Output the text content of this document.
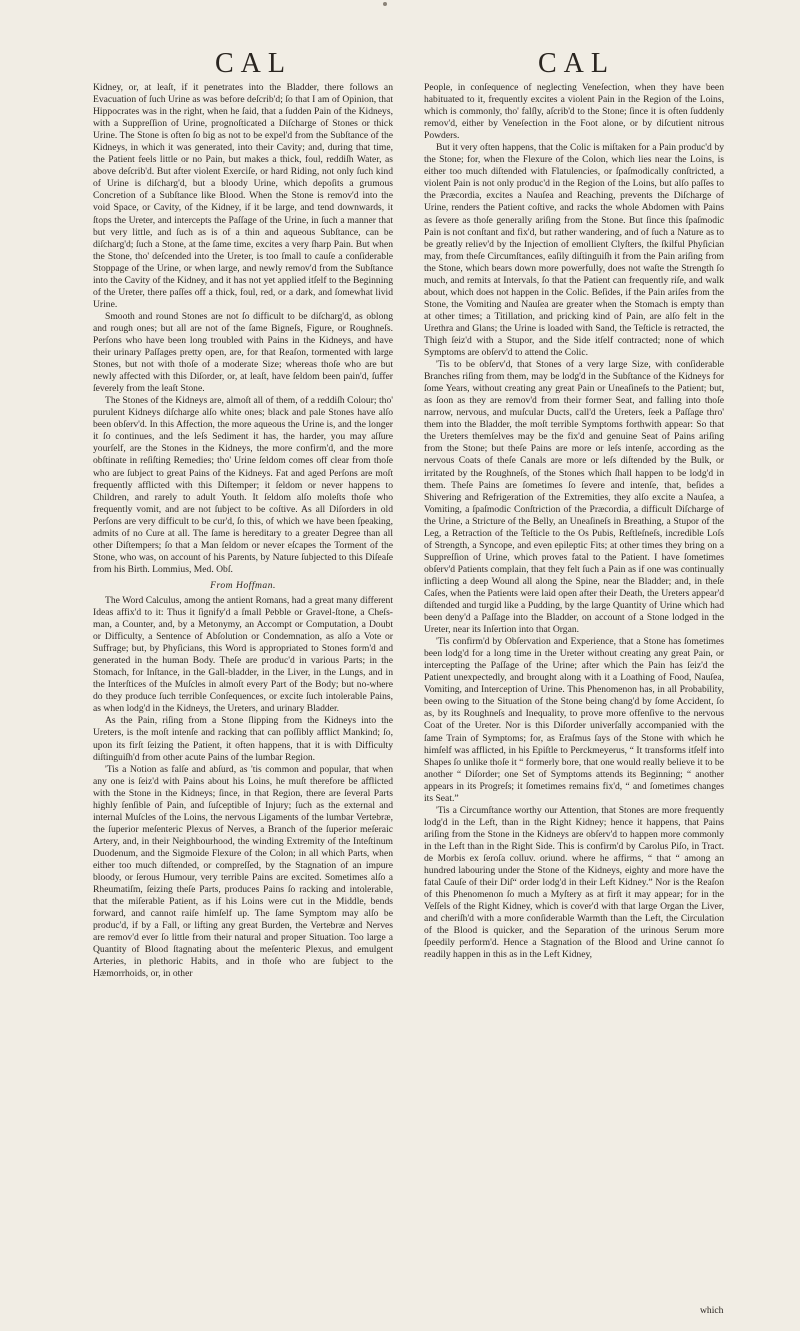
CAL	CAL

Kidney, or, at leaſt, if it penetrates into the Bladder, there follows an Evacuation of ſuch Urine as was before deſcrib'd; ſo that I am of Opinion, that Hippocrates was in the right, when he ſaid, that a ſudden Pain of the Kidneys, with a Suppreſſion of Urine, prognoſticated a Diſcharge of Stones or thick Urine. The Stone is often ſo big as not to be expel'd from the Subſtance of the Kidneys, in which it was generated, into their Cavity; and, during that time, the Patient feels little or no Pain, but makes a thick, foul, reddiſh Water, as above deſcrib'd. But after violent Exerciſe, or hard Riding, not only ſuch kind of Urine is diſcharg'd, but a bloody Urine, which depoſits a grumous Concretion of a Subſtance like Blood. When the Stone is remov'd into the void Space, or Cavity, of the Kidney, if it be large, and tend downwards, it ſtops the Ureter, and intercepts the Paſſage of the Urine, in ſuch a manner that but very little, and ſuch as is of a thin and aqueous Subſtance, can be diſcharg'd; ſuch a Stone, at the ſame time, excites a very ſharp Pain. But when the Stone, tho' deſcended into the Ureter, is too ſmall to cauſe a conſiderable Stoppage of the Urine, or when large, and newly remov'd from the Subſtance into the Cavity of the Kidney, and it has not yet applied itſelf to the Beginning of the Ureter, there paſſes off a thick, foul, red, or a dark, and ſomewhat livid Urine.

Smooth and round Stones are not ſo difficult to be diſcharg'd, as oblong and rough ones; but all are not of the ſame Bigneſs, Figure, or Roughneſs. Perſons who have been long troubled with Pains in the Kidneys, and have their urinary Paſſages pretty open, are, for that Reaſon, tormented with large Stones, but not with thoſe of a moderate Size; whereas thoſe who are but newly affected with this Diſorder, or, at leaſt, have ſeldom been pain'd, ſuffer ſeverely from the leaſt Stone.

The Stones of the Kidneys are, almoſt all of them, of a reddiſh Colour; tho' purulent Kidneys diſcharge alſo white ones; black and pale Stones have alſo been obſerv'd. In this Affection, the more aqueous the Urine is, and the longer it ſo continues, and the leſs Sediment it has, the harder, you may aſſure yourſelf, are the Stones in the Kidneys, the more confirm'd, and the more obſtinate in reſiſting Remedies; tho' Urine ſeldom comes off clear from thoſe who are ſubject to great Pains of the Kidneys. Fat and aged Perſons are moſt frequently afflicted with this Diſtemper; it ſeldom or never happens to Children, and rarely to adult Youth. It ſeldom alſo moleſts thoſe who frequently vomit, and are not ſubject to be coſtive. As all Diſorders in old Perſons are very difficult to be cur'd, ſo this, of which we have been ſpeaking, admits of no Cure at all. The ſame is hereditary to a greater Degree than all other Diſtempers; ſo that a Man ſeldom or never eſcapes the Torment of the Stone, who was, on account of his Parents, by Nature ſubjected to this Diſeaſe from his Birth. Lommius, Med. Obſ.

From Hoffman.

The Word Calculus, among the antient Romans, had a great many different Ideas affix'd to it: Thus it ſignify'd a ſmall Pebble or Gravel-ſtone, a Cheſs-man, a Counter, and, by a Metonymy, an Accompt or Computation, a Doubt or Difficulty, a Sentence of Abſolution or Condemnation, as alſo a Vote or Suffrage; but, by Phyſicians, this Word is appropriated to Stones form'd and generated in the human Body. Theſe are produc'd in various Parts; in the Stomach, for Inſtance, in the Gall-bladder, in the Liver, in the Lungs, and in the Interſtices of the Muſcles in almoſt every Part of the Body; but no-where do they produce ſuch terrible Conſequences, or excite ſuch intolerable Pains, as when lodg'd in the Kidneys, the Ureters, and urinary Bladder.

As the Pain, riſing from a Stone ſlipping from the Kidneys into the Ureters, is the moſt intenſe and racking that can poſſibly afflict Mankind; ſo, upon its firſt ſeizing the Patient, it often happens, that it is with Difficulty diſtinguiſh'd from other acute Pains of the lumbar Region.

'Tis a Notion as falſe and abſurd, as 'tis common and popular, that when any one is ſeiz'd with Pains about his Loins, he muſt therefore be afflicted with the Stone in the Kidneys; ſince, in that Region, there are ſeveral Parts highly ſenſible of Pain, and ſuſceptible of Injury; ſuch as the external and internal Muſcles of the Loins, the nervous Ligaments of the lumbar Vertebræ, the ſuperior meſenteric Plexus of Nerves, a Branch of the ſuperior meſeraic Artery, and, in their Neighbourhood, the winding Extremity of the Inteſtinum Duodenum, and the Sigmoide Flexure of the Colon; in all which Parts, when either too much diſtended, or compreſſed, by the Stagnation of an impure bloody, or ſerous Humour, very terrible Pains are excited. Sometimes alſo a Rheumatiſm, ſeizing theſe Parts, produces Pains ſo racking and intolerable, that the miſerable Patient, as if his Loins were cut in the Middle, bends forward, and cannot raiſe himſelf up. The ſame Symptom may alſo be produc'd, if by a Fall, or lifting any great Burden, the Vertebræ and Nerves are remov'd ever ſo little from their natural and proper Situation. Too large a Quantity of Blood ſtagnating about the meſenteric Plexus, and emulgent Arteries, in plethoric Habits, and in thoſe who are ſubject to the Hæmorrhoids, or, in other

People, in conſequence of neglecting Veneſection, when they have been habituated to it, frequently excites a violent Pain in the Region of the Loins, which is commonly, tho' falſly, aſcrib'd to the Stone; ſince it is often ſuddenly remov'd, either by Veneſection in the Foot alone, or by diſcutient nitrous Powders.

But it very often happens, that the Colic is miſtaken for a Pain produc'd by the Stone; for, when the Flexure of the Colon, which lies near the Loins, is either too much diſtended with Flatulencies, or ſpaſmodically conſtricted, a violent Pain is not only produc'd in the Region of the Loins, but alſo paſſes to the Præcordia, excites a Nauſea and Reaching, prevents the Diſcharge of Urine, renders the Patient coſtive, and racks the whole Abdomen with Pains as ſevere as thoſe generally ariſing from the Stone. But ſince this ſpaſmodic Pain is not conſtant and fix'd, but rather wandering, and of ſuch a Nature as to be greatly reliev'd by the Injection of emollient Clyſters, the ſkilful Phyſician may, from theſe Circumſtances, eaſily diſtinguiſh it from the Pain ariſing from the Stone, which bears down more powerfully, does not waſte the Strength ſo much, and remits at Intervals, ſo that the Patient can frequently riſe, and walk about, which does not happen in the Colic. Beſides, if the Pain ariſes from the Stone, the Vomiting and Nauſea are greater when the Stomach is empty than at other times; a Titillation, and pricking kind of Pain, are alſo felt in the Urethra and Glans; the Urine is loaded with Sand, the Teſticle is retracted, the Thigh ſeiz'd with a Stupor, and the Side itſelf contracted; none of which Symptoms are obſerv'd to attend the Colic.

'Tis to be obſerv'd, that Stones of a very large Size, with conſiderable Branches riſing from them, may be lodg'd in the Subſtance of the Kidneys for ſome Years, without creating any great Pain or Uneaſineſs to the Patient; but, as ſoon as they are remov'd from their former Seat, and falling into thoſe narrow, nervous, and muſcular Ducts, call'd the Ureters, ſeek a Paſſage thro' them into the Bladder, the moſt terrible Symptoms forthwith appear: So that the Ureters themſelves may be the fix'd and genuine Seat of Pains ariſing from the Stone; but theſe Pains are more or leſs intenſe, according as the nervous Coats of theſe Canals are more or leſs diſtended by the Bulk, or irritated by the Roughneſs, of the Stones which ſhall happen to be lodg'd in them. Theſe Pains are ſometimes ſo ſevere and intenſe, that, beſides a Shivering and Refrigeration of the Extremities, they alſo excite a Nauſea, a Vomiting, a ſpaſmodic Conſtriction of the Præcordia, a difficult Diſcharge of the Urine, a Stricture of the Belly, an Uneaſineſs in Breathing, a Stupor of the Leg, a Retraction of the Teſticle to the Os Pubis, Reſtleſneſs, incredible Loſs of Strength, a Syncope, and even epileptic Fits; at other times they bring on a Suppreſſion of Urine, which proves fatal to the Patient. I have ſometimes obſerv'd Patients complain, that they felt ſuch a Pain as if one was continually inflicting a deep Wound all along the Spine, near the Bladder; and, in theſe Caſes, when the Patients were laid open after their Death, the Ureters appear'd diſtended and turgid like a Pudding, by the large Quantity of Urine which had been deny'd a Paſſage into the Bladder, on account of a Stone lodged in the Ureter, near its Inſertion into that Organ.

'Tis confirm'd by Obſervation and Experience, that a Stone has ſometimes been lodg'd for a long time in the Ureter without creating any great Pain, or intercepting the Paſſage of the Urine; after which the Pain has ſeiz'd the Patient unexpectedly, and brought along with it a Loathing of Food, Nauſea, Vomiting, and Interception of Urine. This Phenomenon has, in all Probability, been owing to the Situation of the Stone being chang'd by ſome Accident, ſo as, by its Roughneſs and Inequality, to prove more offenſive to the nervous Coat of the Ureter. Nor is this Diſorder univerſally accompanied with the ſame Train of Symptoms; for, as Eraſmus ſays of the Stone with which he himſelf was afflicted, in his Epiſtle to Perckmeyerus, “ It transforms itſelf into Shapes ſo unlike thoſe it “ formerly bore, that one would really believe it to be another “ Diſorder; one Set of Symptoms attends its Beginning; “ another appears in its Progreſs; it ſometimes remains fix'd, “ and ſometimes changes its Seat.”

'Tis a Circumſtance worthy our Attention, that Stones are more frequently lodg'd in the Left, than in the Right Kidney; hence it happens, that Pains ariſing from the Stone in the Kidneys are obſerv'd to happen more commonly in the Left than in the Right Side. This is confirm'd by Carolus Piſo, in Tract. de Morbis ex ſeroſa colluv. oriund. where he affirms, “ that “ among an hundred labouring under the Stone of the Kidneys, eighty and more have the fatal Cauſe of their Diſ“ order lodg'd in their Left Kidney.” Nor is the Reaſon of this Phenomenon ſo much a Myſtery as at firſt it may appear; for in the Veſſels of the Right Kidney, which is cover'd with that large Organ the Liver, and cheriſh'd with a more conſiderable Warmth than the Left, the Circulation of the Blood is quicker, and the Separation of the urinous Serum more ſpeedily perform'd. Hence a Stagnation of the Blood and Urine cannot ſo readily happen in this as in the Left Kidney,

which
